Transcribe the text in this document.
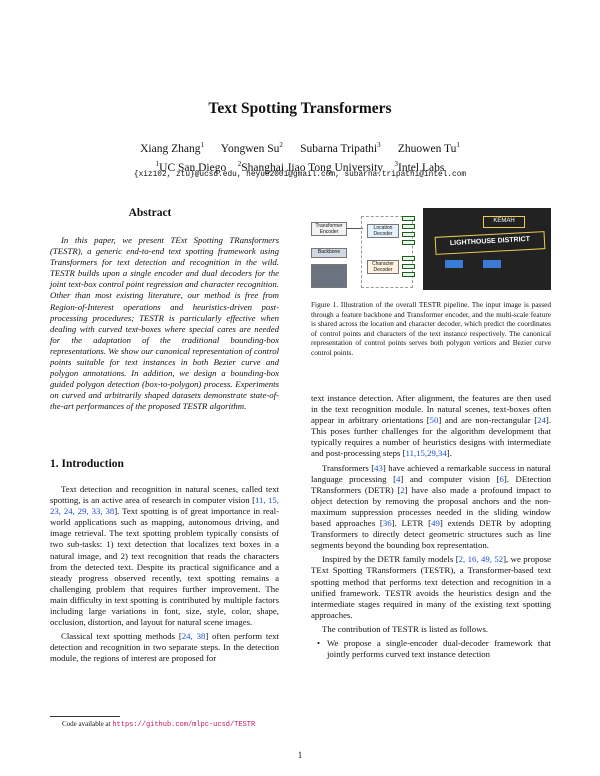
Text Spotting Transformers
Xiang Zhang$^1$ Yongwen Su$^2$ Subarna Tripathi$^3$ Zhuowen Tu$^1$
$^1$UC San Diego $^2$Shanghai Jiao Tong University $^3$Intel Labs
{xiz102, ztu}@ucsd.edu, heyue2001@gmail.com, subarna.tripathi@intel.com
Abstract

In this paper, we present TExt Spotting TRansformers (TESTR), a generic end-to-end text spotting framework using Transformers for text detection and recognition in the wild. TESTR builds upon a single encoder and dual decoders for the joint text-box control point regression and character recognition. Other than most existing literature, our method is free from Region-of-Interest operations and heuristics-driven post-processing procedures; TESTR is particularly effective when dealing with curved text-boxes where special cares are needed for the adaptation of the traditional bounding-box representations. We show our canonical representation of control points suitable for text instances in both Bezier curve and polygon annotations. In addition, we design a bounding-box guided polygon detection (box-to-polygon) process. Experiments on curved and arbitrarily shaped datasets demonstrate state-of-the-art performances of the proposed TESTR algorithm.

1. Introduction

Text detection and recognition in natural scenes, called text spotting, is an active area of research in computer vision [11, 15, 23, 24, 29, 33, 38]. Text spotting is of great importance in real-world applications such as mapping, autonomous driving, and image retrieval. The text spotting problem typically consists of two sub-tasks: 1) text detection that localizes text boxes in a natural image, and 2) text recognition that reads the characters from the detected text. Despite its practical significance and a steady progress observed recently, text spotting remains a challenging problem that requires further improvement. The main difficulty in text spotting is contributed by multiple factors including large variations in font, size, style, color, shape, occlusion, distortion, and layout for natural scene images.

Classical text spotting methods [24, 38] often perform text detection and recognition in two separate steps. In the detection module, the regions of interest are proposed for

Code available at https://github.com/mlpc-ucsd/TESTR
Transformer Encoder
Backbone
Location Decoder
Character Decoder
KEMAH
LIGHTHOUSE DISTRICT
Figure 1. Illustration of the overall TESTR pipeline. The input image is passed through a feature backbone and Transformer encoder, and the multi-scale feature is shared across the location and character decoder, which predict the coordinates of control points and characters of the text instance respectively. The canonical representation of control points serves both polygon vertices and Bezier curve control points.

text instance detection. After alignment, the features are then used in the text recognition module. In natural scenes, text-boxes often appear in arbitrary orientations [50] and are non-rectangular [24]. This poses further challenges for the algorithm development that typically requires a number of heuristics designs with intermediate and post-processing steps [11,15,29,34].

Transformers [43] have achieved a remarkable success in natural language processing [4] and computer vision [6]. DEtection TRansformers (DETR) [2] have also made a profound impact to object detection by removing the proposal anchors and the non-maximum suppression processes needed in the sliding window based approaches [36]. LETR [49] extends DETR by adopting Transformers to directly detect geometric structures such as line segments beyond the bounding box representation.

Inspired by the DETR family models [2, 16, 49, 52], we propose TExt Spotting TRansformers (TESTR), a Transformer-based text spotting method that performs text detection and recognition in a unified framework. TESTR avoids the heuristics design and the intermediate stages required in many of the existing text spotting approaches.

The contribution of TESTR is listed as follows.

• We propose a single-encoder dual-decoder framework that jointly performs curved text instance detection
1
